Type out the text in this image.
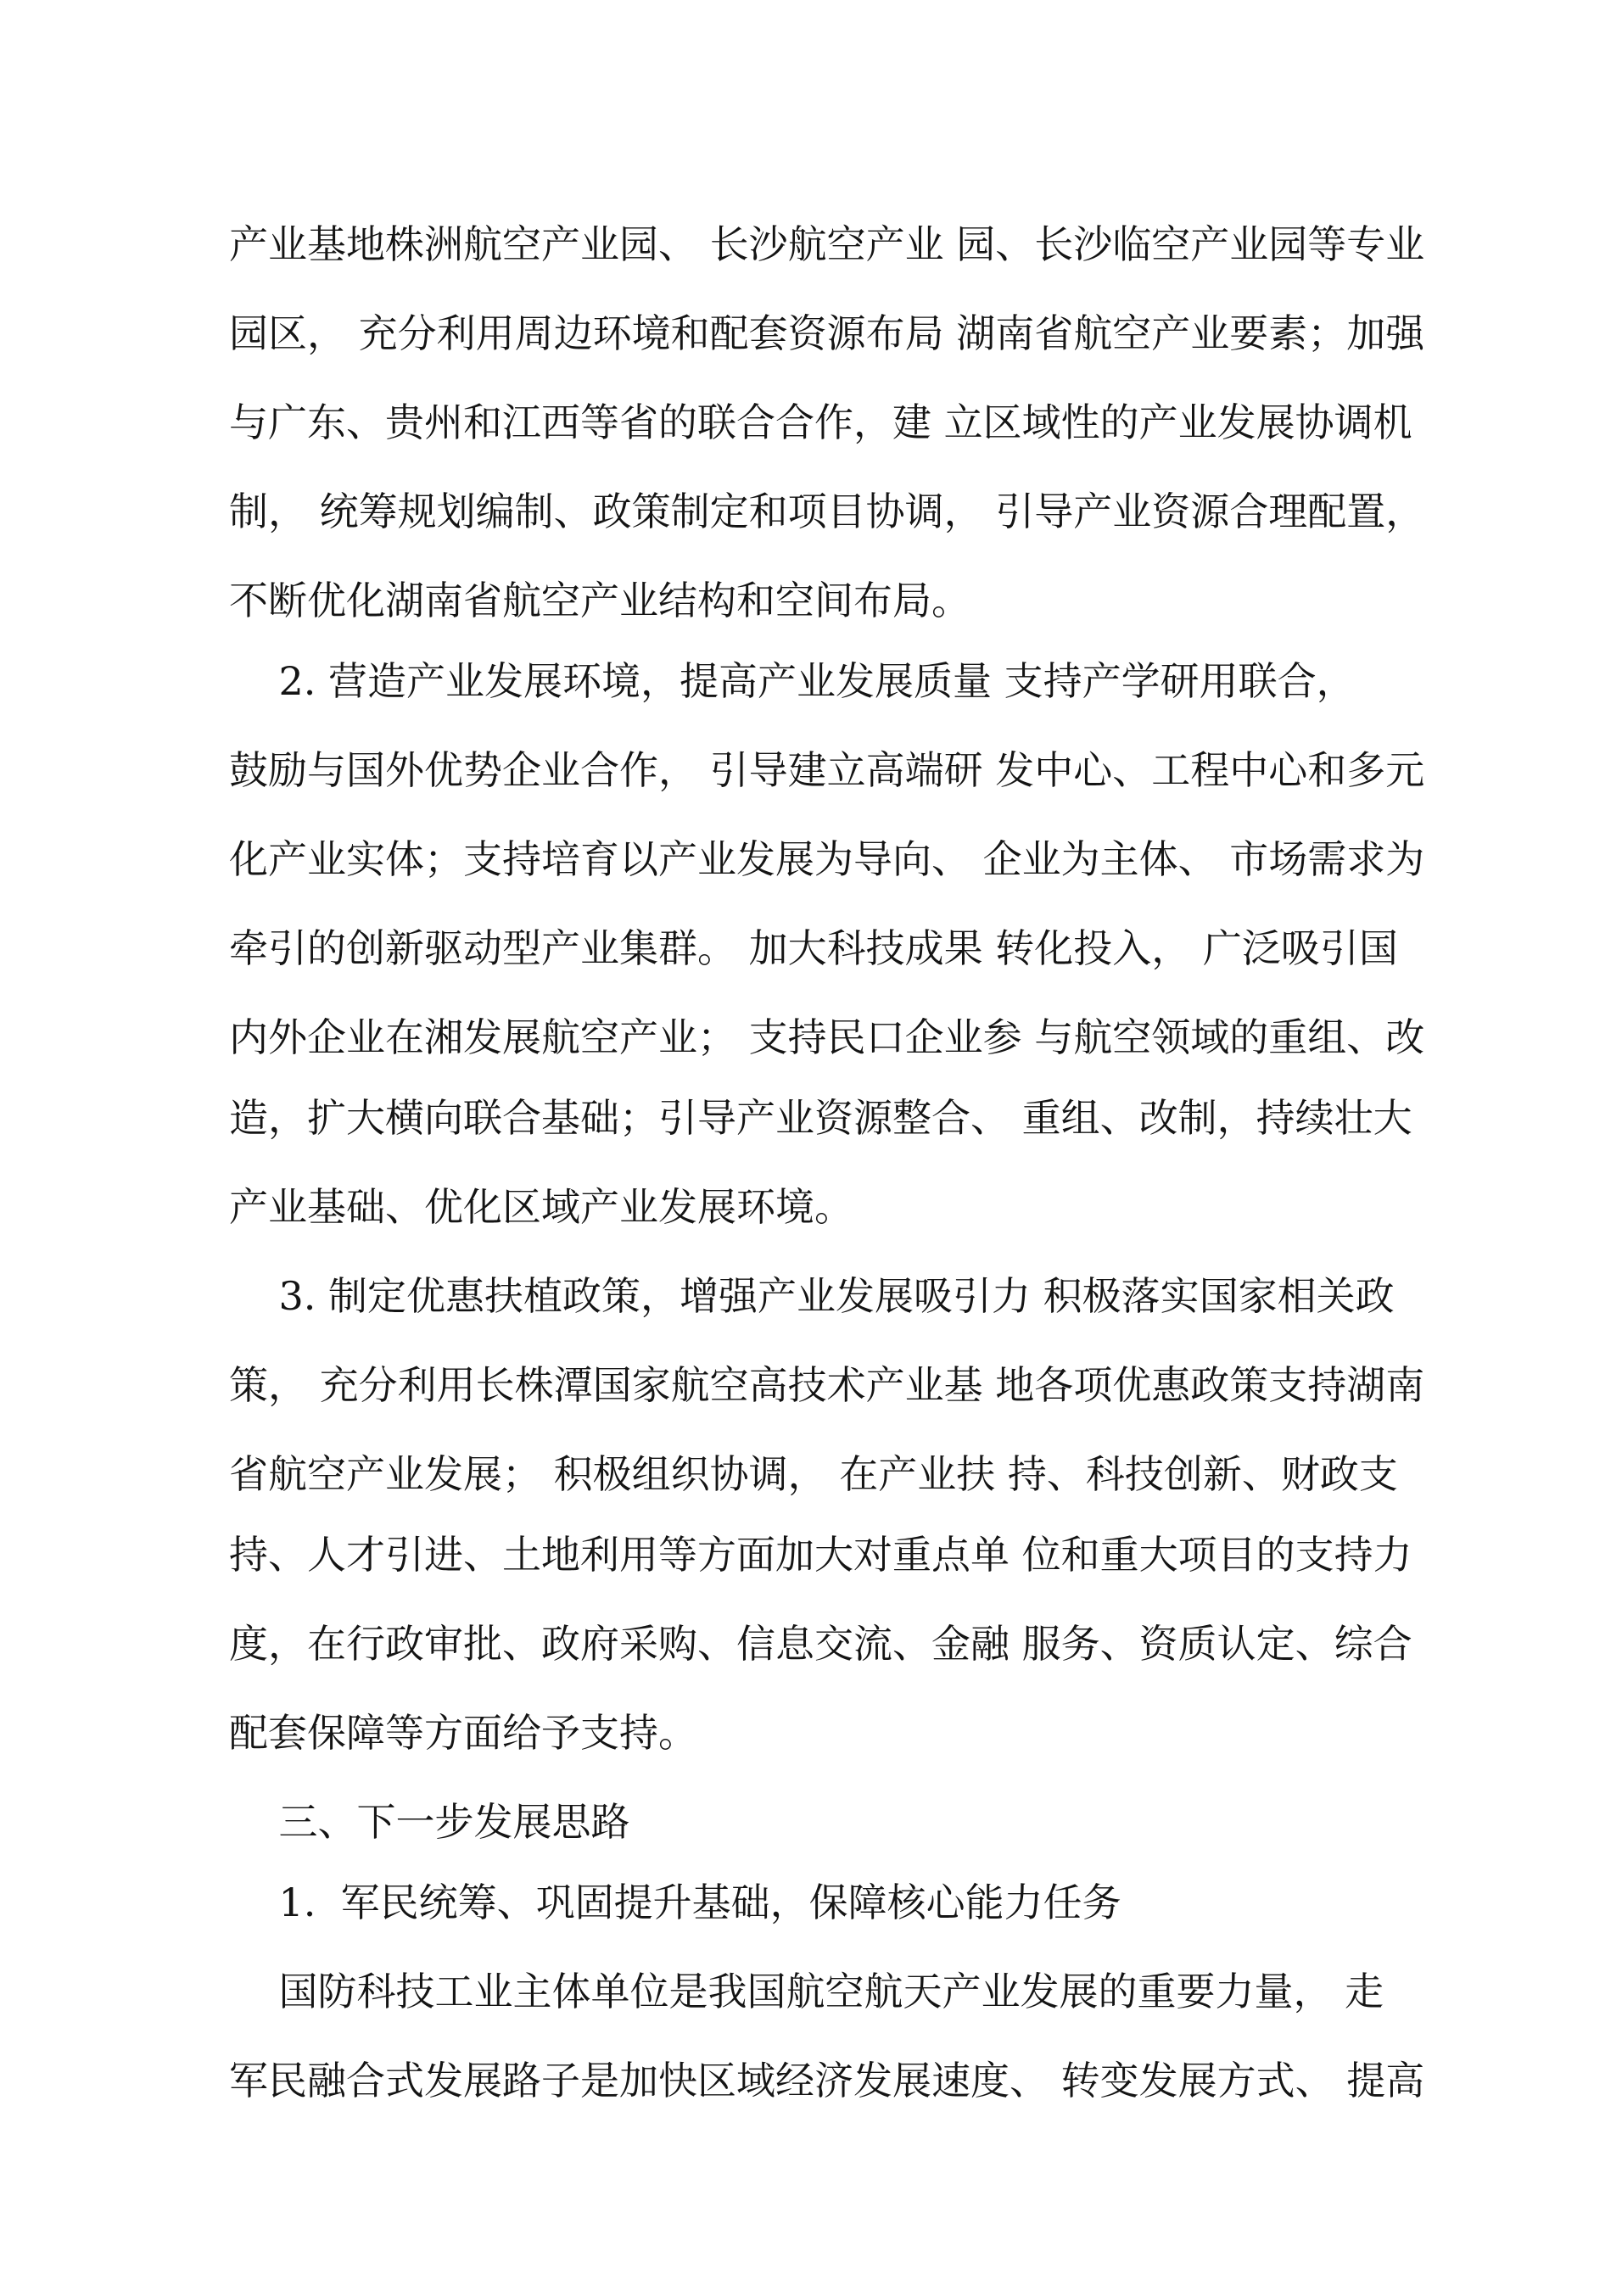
产业基地株洲航空产业园、 长沙航空产业 园、长沙临空产业园等专业
园区， 充分利用周边环境和配套资源布局 湖南省航空产业要素；加强
与广东、贵州和江西等省的联合合作，建 立区域性的产业发展协调机
制， 统筹规划编制、政策制定和项目协调， 引导产业资源合理配置，
不断优化湖南省航空产业结构和空间布局。
2. 营造产业发展环境，提高产业发展质量 支持产学研用联合，
鼓励与国外优势企业合作， 引导建立高端研 发中心、工程中心和多元
化产业实体；支持培育以产业发展为导向、 企业为主体、 市场需求为
牵引的创新驱动型产业集群。 加大科技成果 转化投入， 广泛吸引国
内外企业在湘发展航空产业； 支持民口企业参 与航空领域的重组、改
造，扩大横向联合基础；引导产业资源整合、 重组、改制，持续壮大
产业基础、优化区域产业发展环境。
3. 制定优惠扶植政策，增强产业发展吸引力 积极落实国家相关政
策， 充分利用长株潭国家航空高技术产业基 地各项优惠政策支持湖南
省航空产业发展； 积极组织协调， 在产业扶 持、科技创新、财政支
持、人才引进、土地利用等方面加大对重点单 位和重大项目的支持力
度，在行政审批、政府采购、信息交流、金融 服务、资质认定、综合
配套保障等方面给予支持。
三、下一步发展思路
1.  军民统筹、巩固提升基础，保障核心能力任务
国防科技工业主体单位是我国航空航天产业发展的重要力量， 走
军民融合式发展路子是加快区域经济发展速度、 转变发展方式、 提高
